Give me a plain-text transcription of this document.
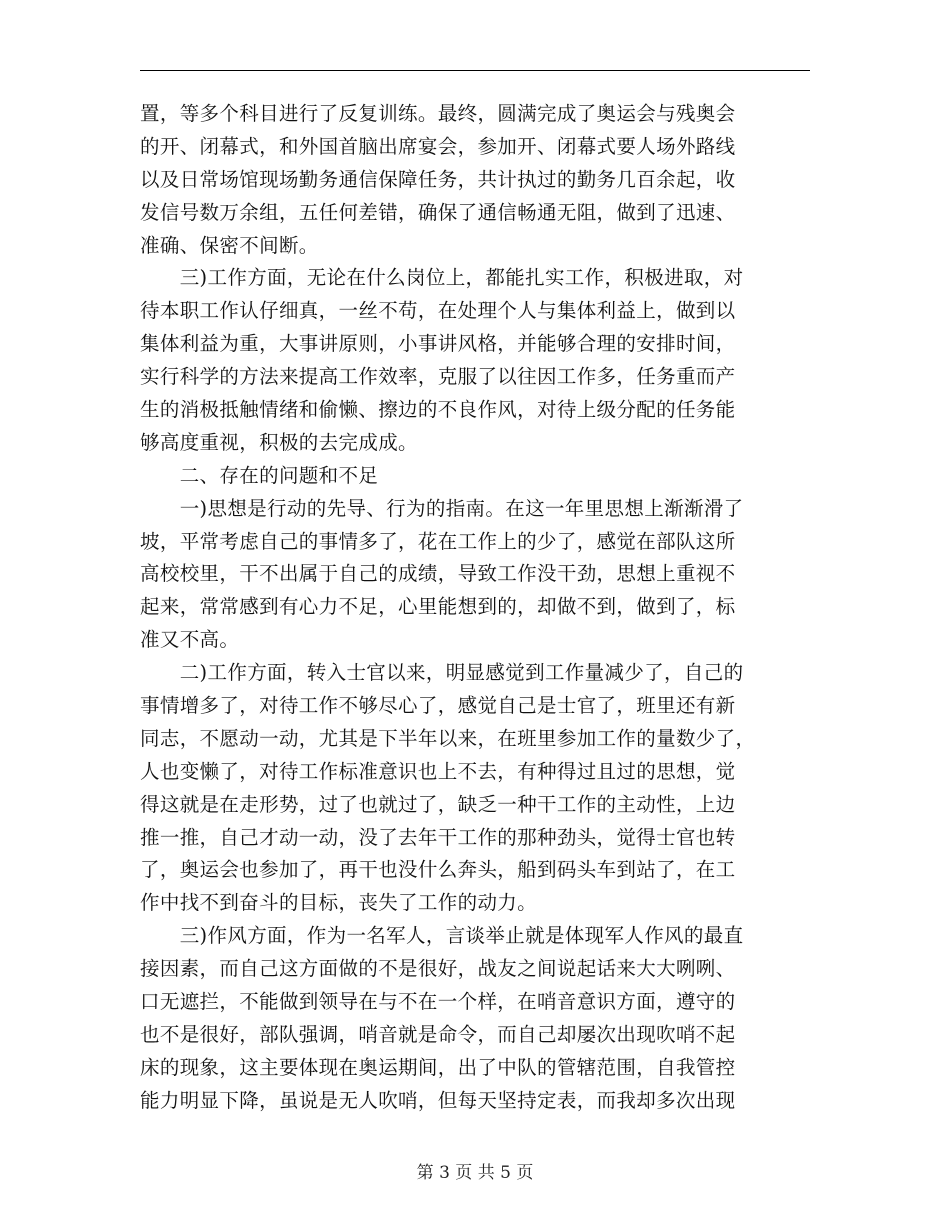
置，等多个科目进行了反复训练。最终，圆满完成了奥运会与残奥会
的开、闭幕式，和外国首脑出席宴会，参加开、闭幕式要人场外路线
以及日常场馆现场勤务通信保障任务，共计执过的勤务几百余起，收
发信号数万余组，五任何差错，确保了通信畅通无阻，做到了迅速、
准确、保密不间断。
　　三)工作方面，无论在什么岗位上，都能扎实工作，积极进取，对
待本职工作认仔细真，一丝不苟，在处理个人与集体利益上，做到以
集体利益为重，大事讲原则，小事讲风格，并能够合理的安排时间，
实行科学的方法来提高工作效率，克服了以往因工作多，任务重而产
生的消极抵触情绪和偷懒、擦边的不良作风，对待上级分配的任务能
够高度重视，积极的去完成成。
　　二、存在的问题和不足
　　一)思想是行动的先导、行为的指南。在这一年里思想上渐渐滑了
坡，平常考虑自己的事情多了，花在工作上的少了，感觉在部队这所
高校校里，干不出属于自己的成绩，导致工作没干劲，思想上重视不
起来，常常感到有心力不足，心里能想到的，却做不到，做到了，标
准又不高。
　　二)工作方面，转入士官以来，明显感觉到工作量减少了，自己的
事情增多了，对待工作不够尽心了，感觉自己是士官了，班里还有新
同志，不愿动一动，尤其是下半年以来，在班里参加工作的量数少了，
人也变懒了，对待工作标准意识也上不去，有种得过且过的思想，觉
得这就是在走形势，过了也就过了，缺乏一种干工作的主动性，上边
推一推，自己才动一动，没了去年干工作的那种劲头，觉得士官也转
了，奥运会也参加了，再干也没什么奔头，船到码头车到站了，在工
作中找不到奋斗的目标，丧失了工作的动力。
　　三)作风方面，作为一名军人，言谈举止就是体现军人作风的最直
接因素，而自己这方面做的不是很好，战友之间说起话来大大咧咧、
口无遮拦，不能做到领导在与不在一个样，在哨音意识方面，遵守的
也不是很好，部队强调，哨音就是命令，而自己却屡次出现吹哨不起
床的现象，这主要体现在奥运期间，出了中队的管辖范围，自我管控
能力明显下降，虽说是无人吹哨，但每天坚持定表，而我却多次出现
第 3 页 共 5 页
